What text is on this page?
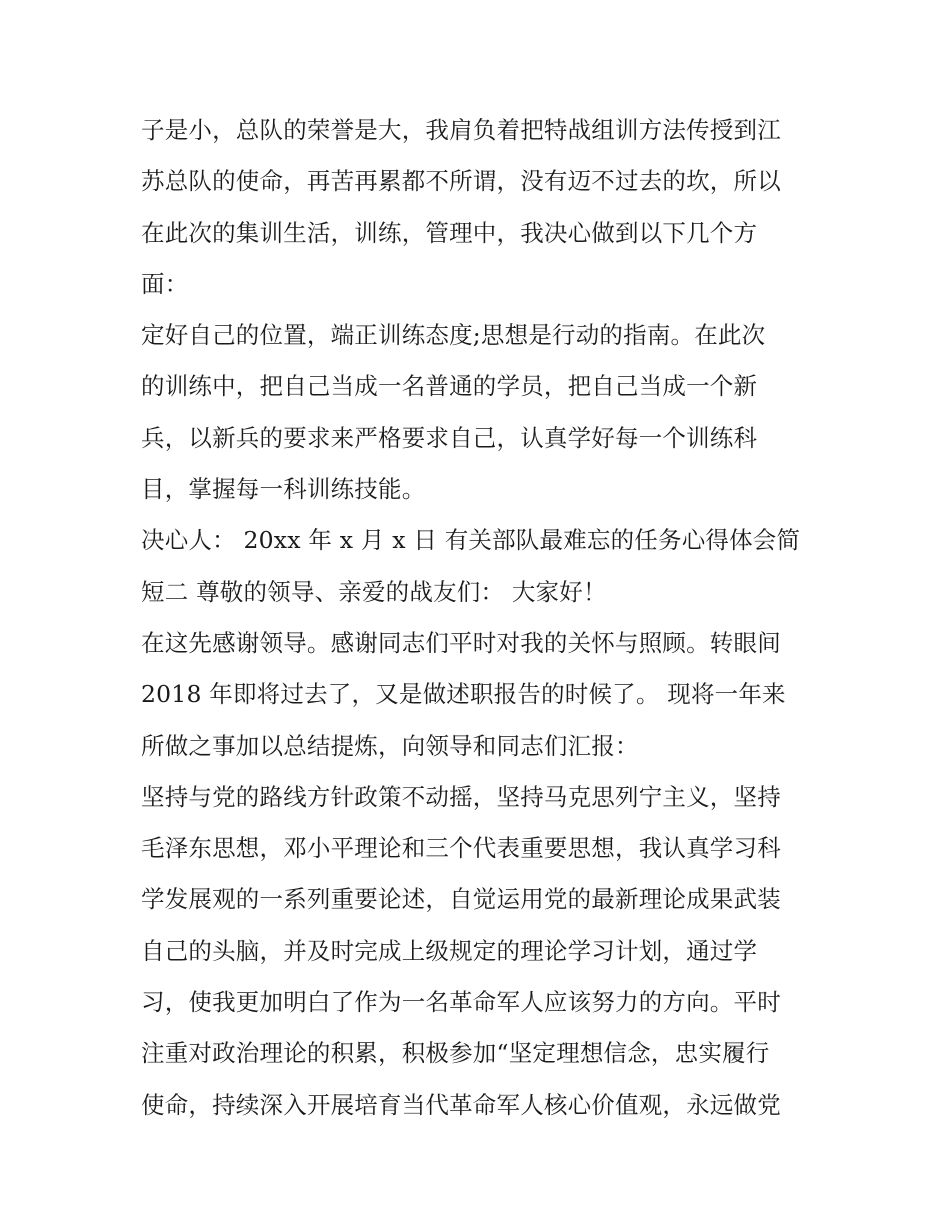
子是小，总队的荣誉是大，我肩负着把特战组训方法传授到江
苏总队的使命，再苦再累都不所谓，没有迈不过去的坎，所以
在此次的集训生活，训练，管理中，我决心做到以下几个方
面：
定好自己的位置，端正训练态度;思想是行动的指南。在此次
的训练中，把自己当成一名普通的学员，把自己当成一个新
兵，以新兵的要求来严格要求自己，认真学好每一个训练科
目，掌握每一科训练技能。
决心人： 20xx 年 x 月 x 日 有关部队最难忘的任务心得体会简
短二 尊敬的领导、亲爱的战友们： 大家好！
在这先感谢领导。感谢同志们平时对我的关怀与照顾。转眼间
2018 年即将过去了，又是做述职报告的时候了。 现将一年来
所做之事加以总结提炼，向领导和同志们汇报：
坚持与党的路线方针政策不动摇，坚持马克思列宁主义，坚持
毛泽东思想，邓小平理论和三个代表重要思想，我认真学习科
学发展观的一系列重要论述，自觉运用党的最新理论成果武装
自己的头脑，并及时完成上级规定的理论学习计划，通过学
习，使我更加明白了作为一名革命军人应该努力的方向。平时
注重对政治理论的积累，积极参加“坚定理想信念，忠实履行
使命，持续深入开展培育当代革命军人核心价值观，永远做党
